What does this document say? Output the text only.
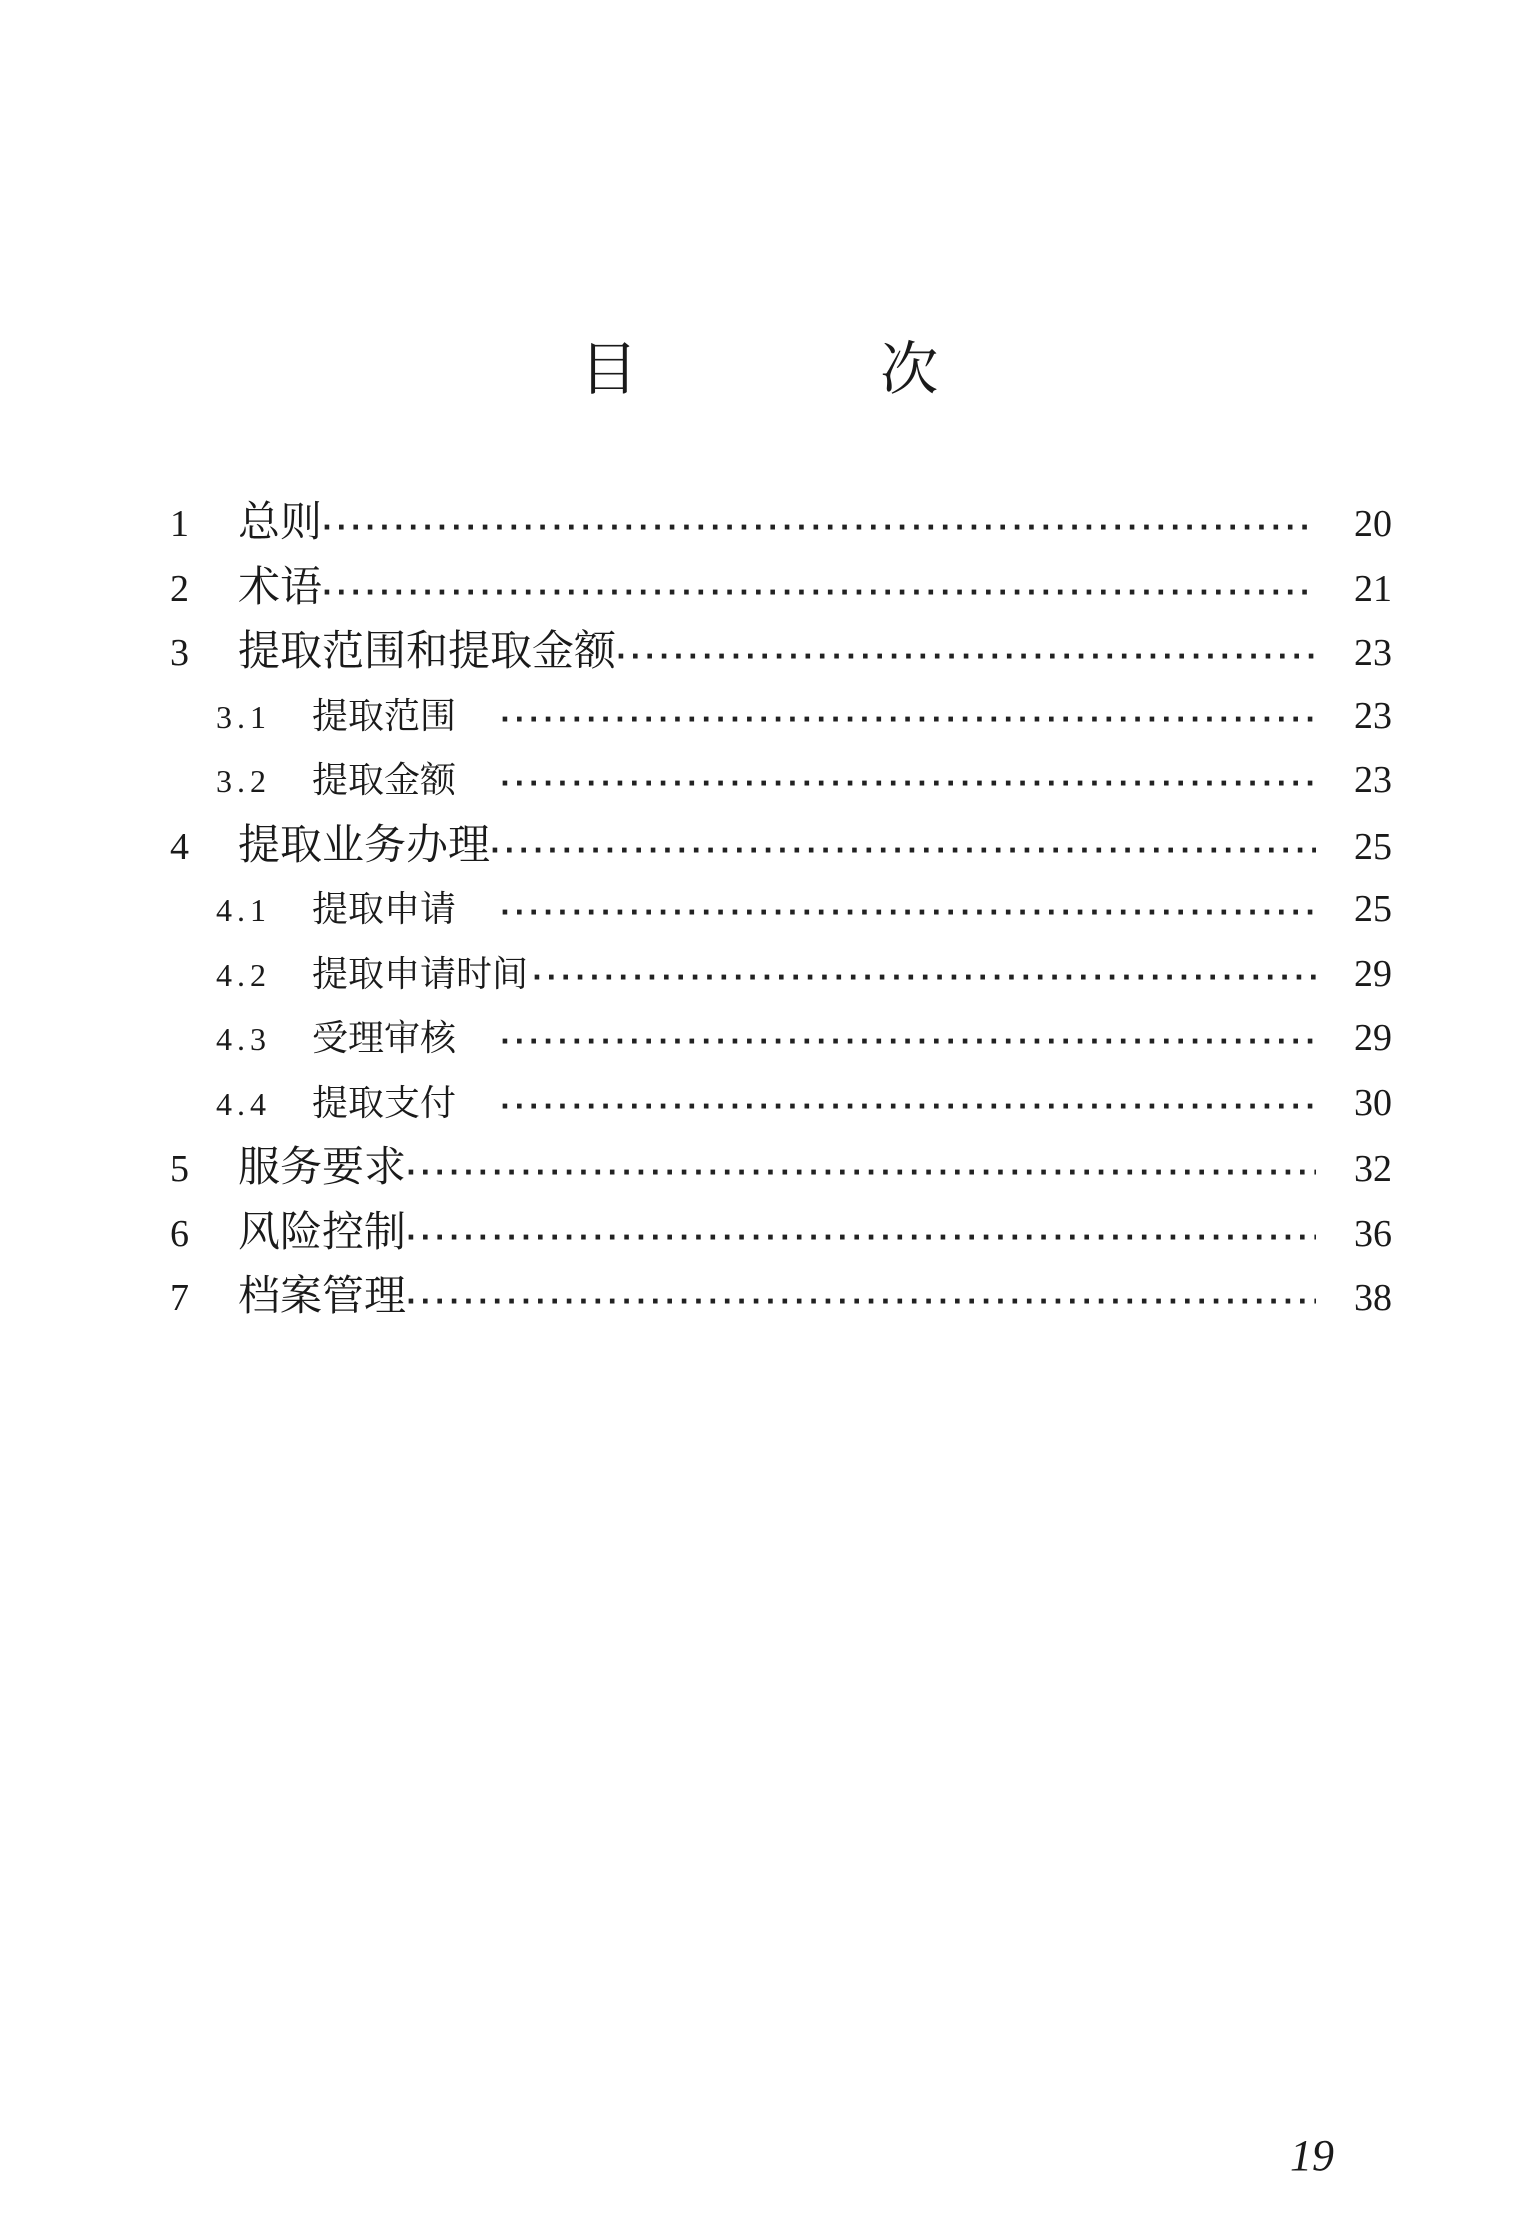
目 次
1	总则 ·····	20
2	术语 ·····	21
3	提取范围和提取金额 ·····	23
3.1	提取范围 ·····	23
3.2	提取金额 ·····	23
4	提取业务办理 ·····	25
4.1	提取申请 ·····	25
4.2	提取申请时间 ·····	29
4.3	受理审核 ·····	29
4.4	提取支付 ·····	30
5	服务要求 ·····	32
6	风险控制 ·····	36
7	档案管理 ·····	38
19
